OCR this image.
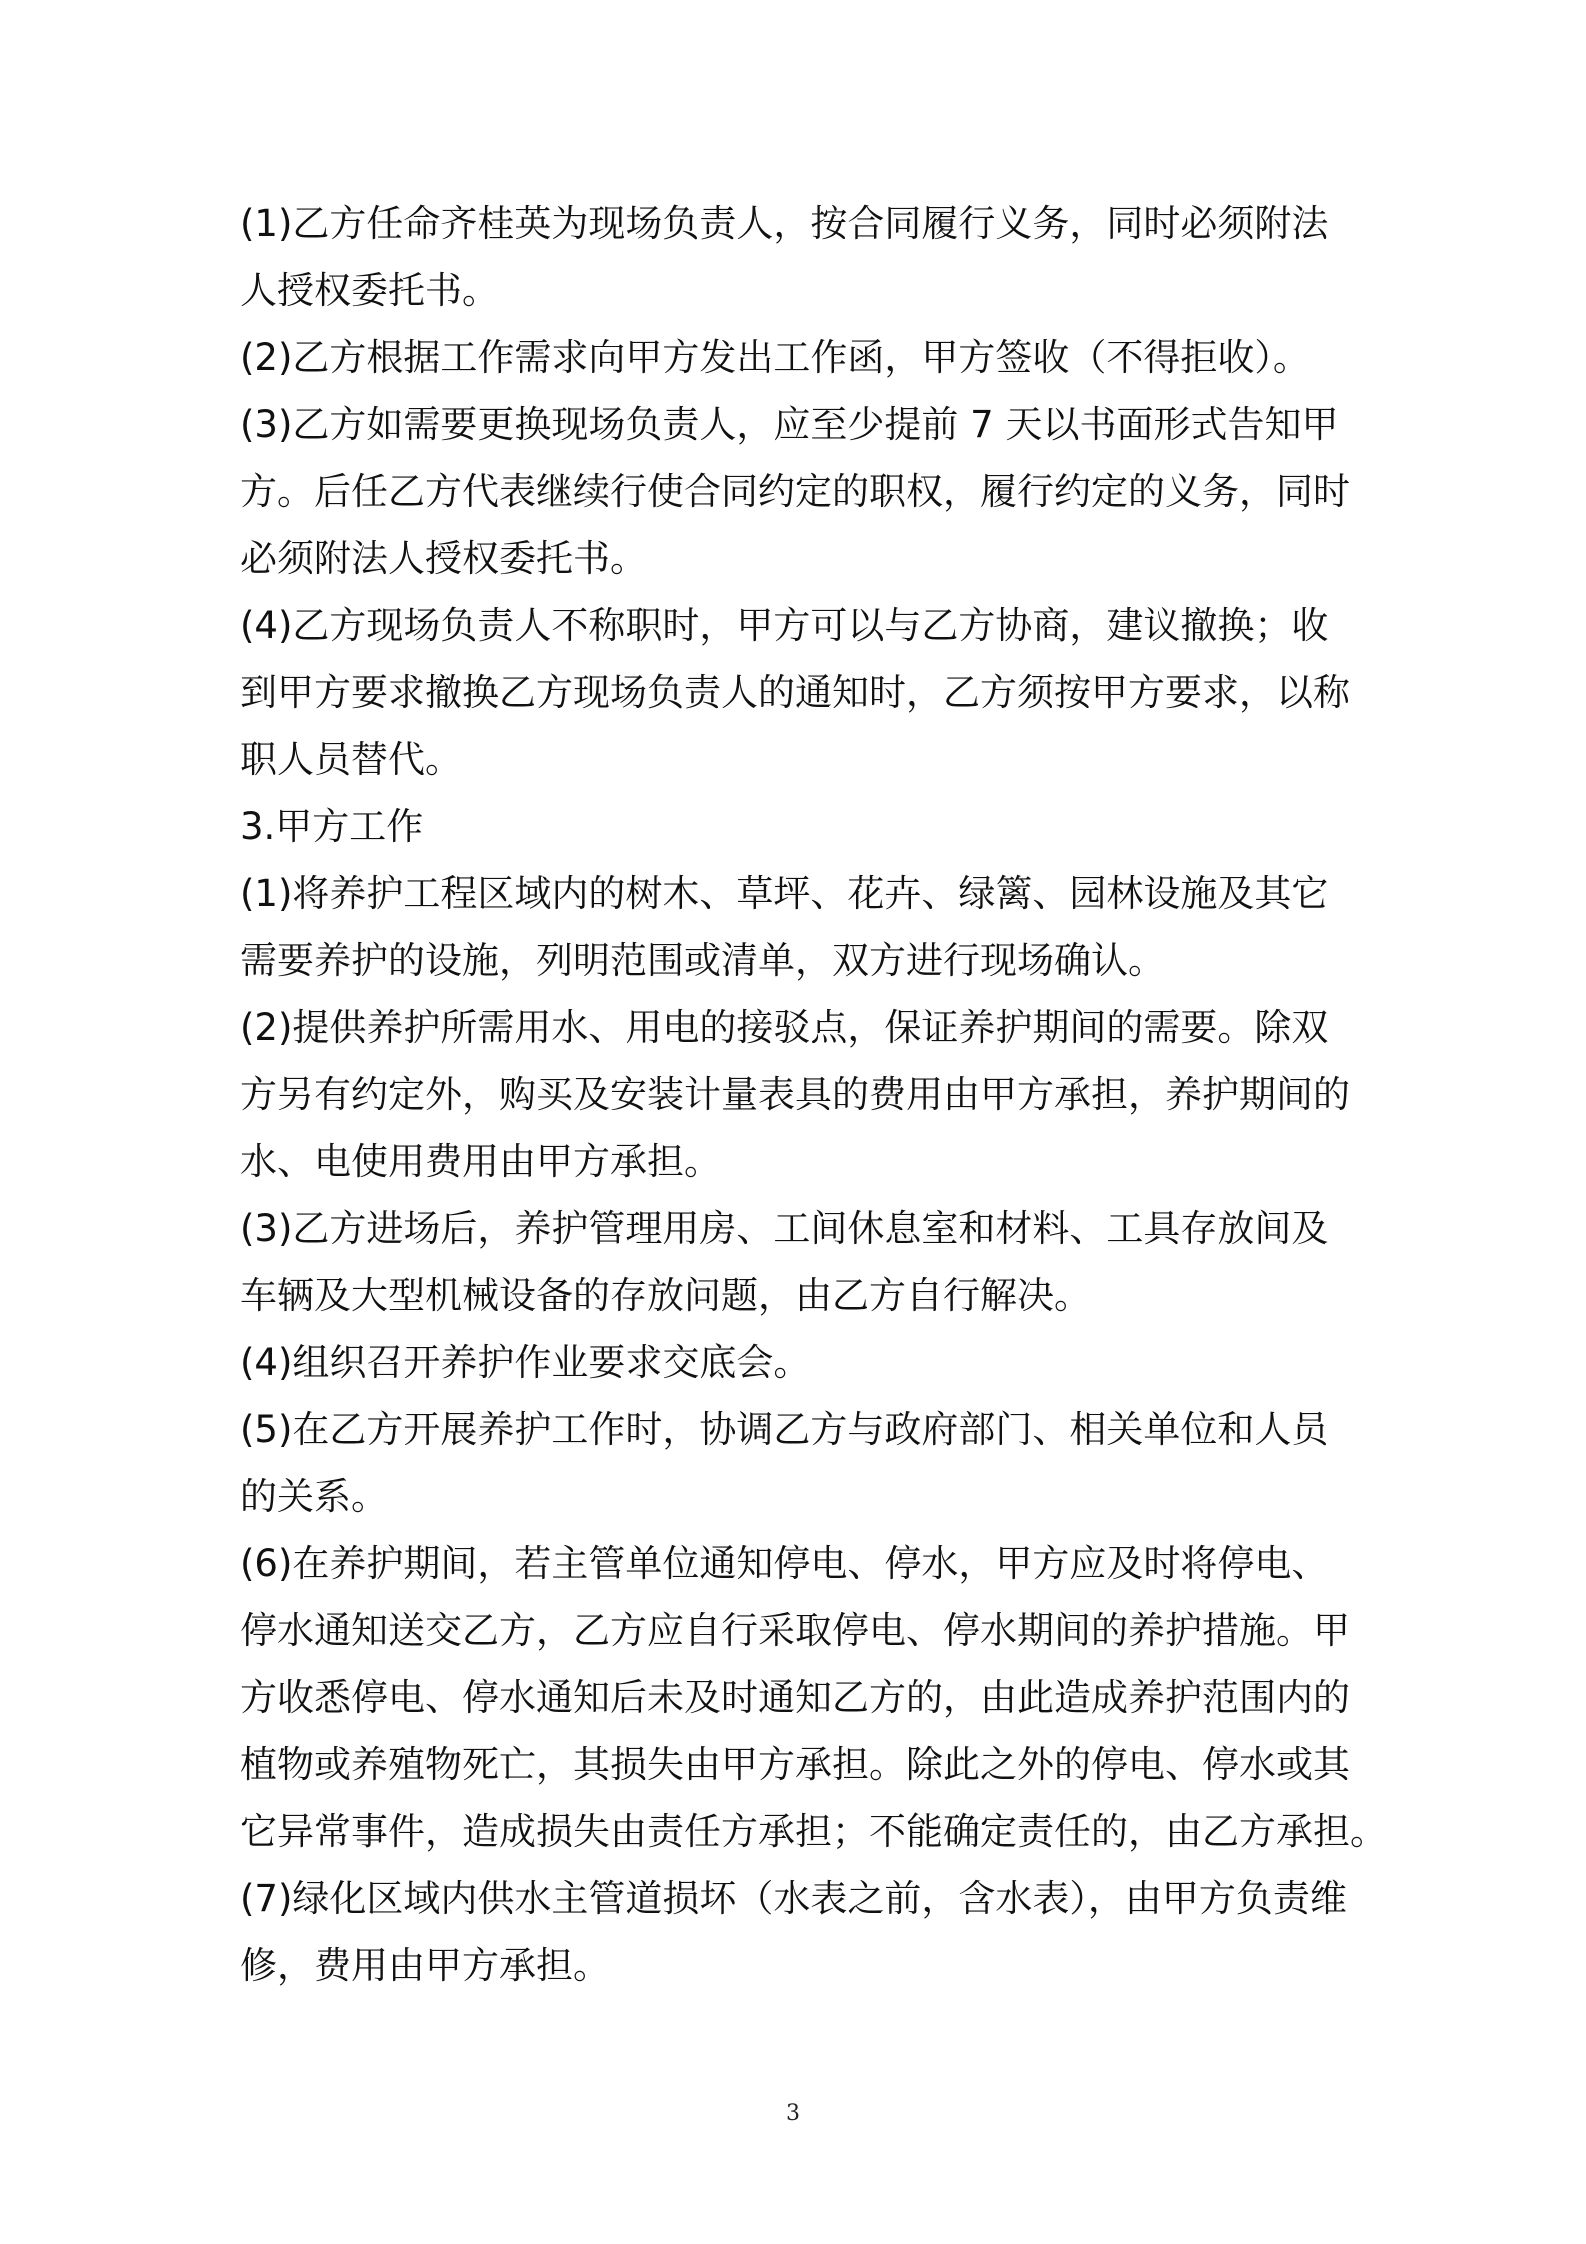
(1)乙方任命齐桂英为现场负责人，按合同履行义务，同时必须附法
人授权委托书。

(2)乙方根据工作需求向甲方发出工作函，甲方签收（不得拒收）。

(3)乙方如需要更换现场负责人，应至少提前 7 天以书面形式告知甲
方。后任乙方代表继续行使合同约定的职权，履行约定的义务，同时
必须附法人授权委托书。

(4)乙方现场负责人不称职时，甲方可以与乙方协商，建议撤换；收
到甲方要求撤换乙方现场负责人的通知时，乙方须按甲方要求，以称
职人员替代。

3.甲方工作

(1)将养护工程区域内的树木、草坪、花卉、绿篱、园林设施及其它
需要养护的设施，列明范围或清单，双方进行现场确认。

(2)提供养护所需用水、用电的接驳点，保证养护期间的需要。除双
方另有约定外，购买及安装计量表具的费用由甲方承担，养护期间的
水、电使用费用由甲方承担。

(3)乙方进场后，养护管理用房、工间休息室和材料、工具存放间及
车辆及大型机械设备的存放问题，由乙方自行解决。

(4)组织召开养护作业要求交底会。

(5)在乙方开展养护工作时，协调乙方与政府部门、相关单位和人员
的关系。

(6)在养护期间，若主管单位通知停电、停水，甲方应及时将停电、
停水通知送交乙方，乙方应自行采取停电、停水期间的养护措施。甲
方收悉停电、停水通知后未及时通知乙方的，由此造成养护范围内的
植物或养殖物死亡，其损失由甲方承担。除此之外的停电、停水或其
它异常事件，造成损失由责任方承担；不能确定责任的，由乙方承担。

(7)绿化区域内供水主管道损坏（水表之前，含水表），由甲方负责维
修，费用由甲方承担。

3
